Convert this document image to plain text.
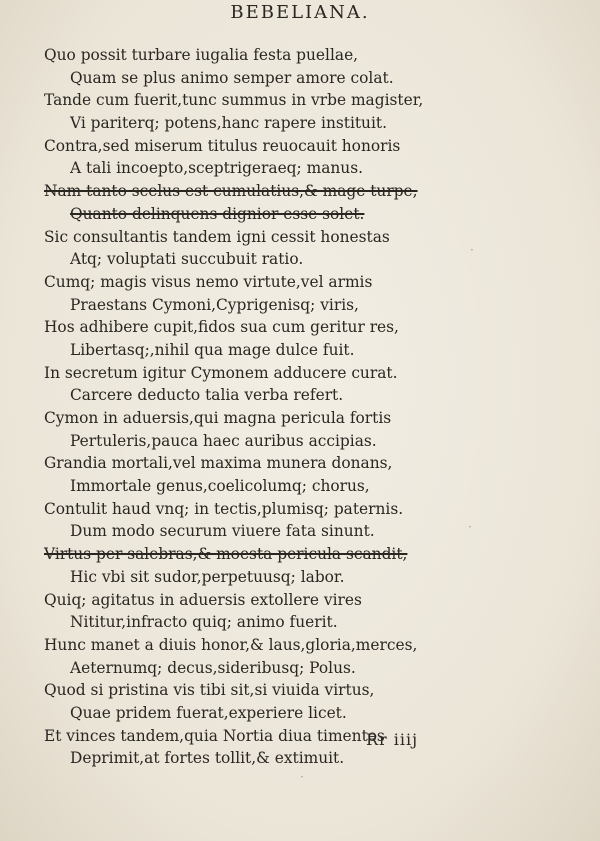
BEBELIANA.
Quo possit turbare iugalia festa puellae,
Quam se plus animo semper amore colat.
Tande cum fuerit,tunc summus in vrbe magister,
Vi pariterq; potens,hanc rapere instituit.
Contra,sed miserum titulus reuocauit honoris
A tali incoepto,sceptrigeraeq; manus.
Nam tanto scelus est cumulatius,& mage turpe,
Quanto delinquens dignior esse solet.
Sic consultantis tandem igni cessit honestas
Atq; voluptati succubuit ratio.
Cumq; magis visus nemo virtute,vel armis
Praestans Cymoni,Cyprigenisq; viris,
Hos adhibere cupit,fidos sua cum geritur res,
Libertasq;,nihil qua mage dulce fuit.
In secretum igitur Cymonem adducere curat.
Carcere deducto talia verba refert.
Cymon in aduersis,qui magna pericula fortis
Pertuleris,pauca haec auribus accipias.
Grandia mortali,vel maxima munera donans,
Immortale genus,coelicolumq; chorus,
Contulit haud vnq; in tectis,plumisq; paternis.
Dum modo securum viuere fata sinunt.
Virtus per salebras,& moesta pericula scandit,
Hic vbi sit sudor,perpetuusq; labor.
Quiq; agitatus in aduersis extollere vires
Nititur,infracto quiq; animo fuerit.
Hunc manet a diuis honor,& laus,gloria,merces,
Aeternumq; decus,sideribusq; Polus.
Quod si pristina vis tibi sit,si viuida virtus,
Quae pridem fuerat,experiere licet.
Et vinces tandem,quia Nortia diua timentes
Deprimit,at fortes tollit,& extimuit.
Rr iiij
·
·
·
